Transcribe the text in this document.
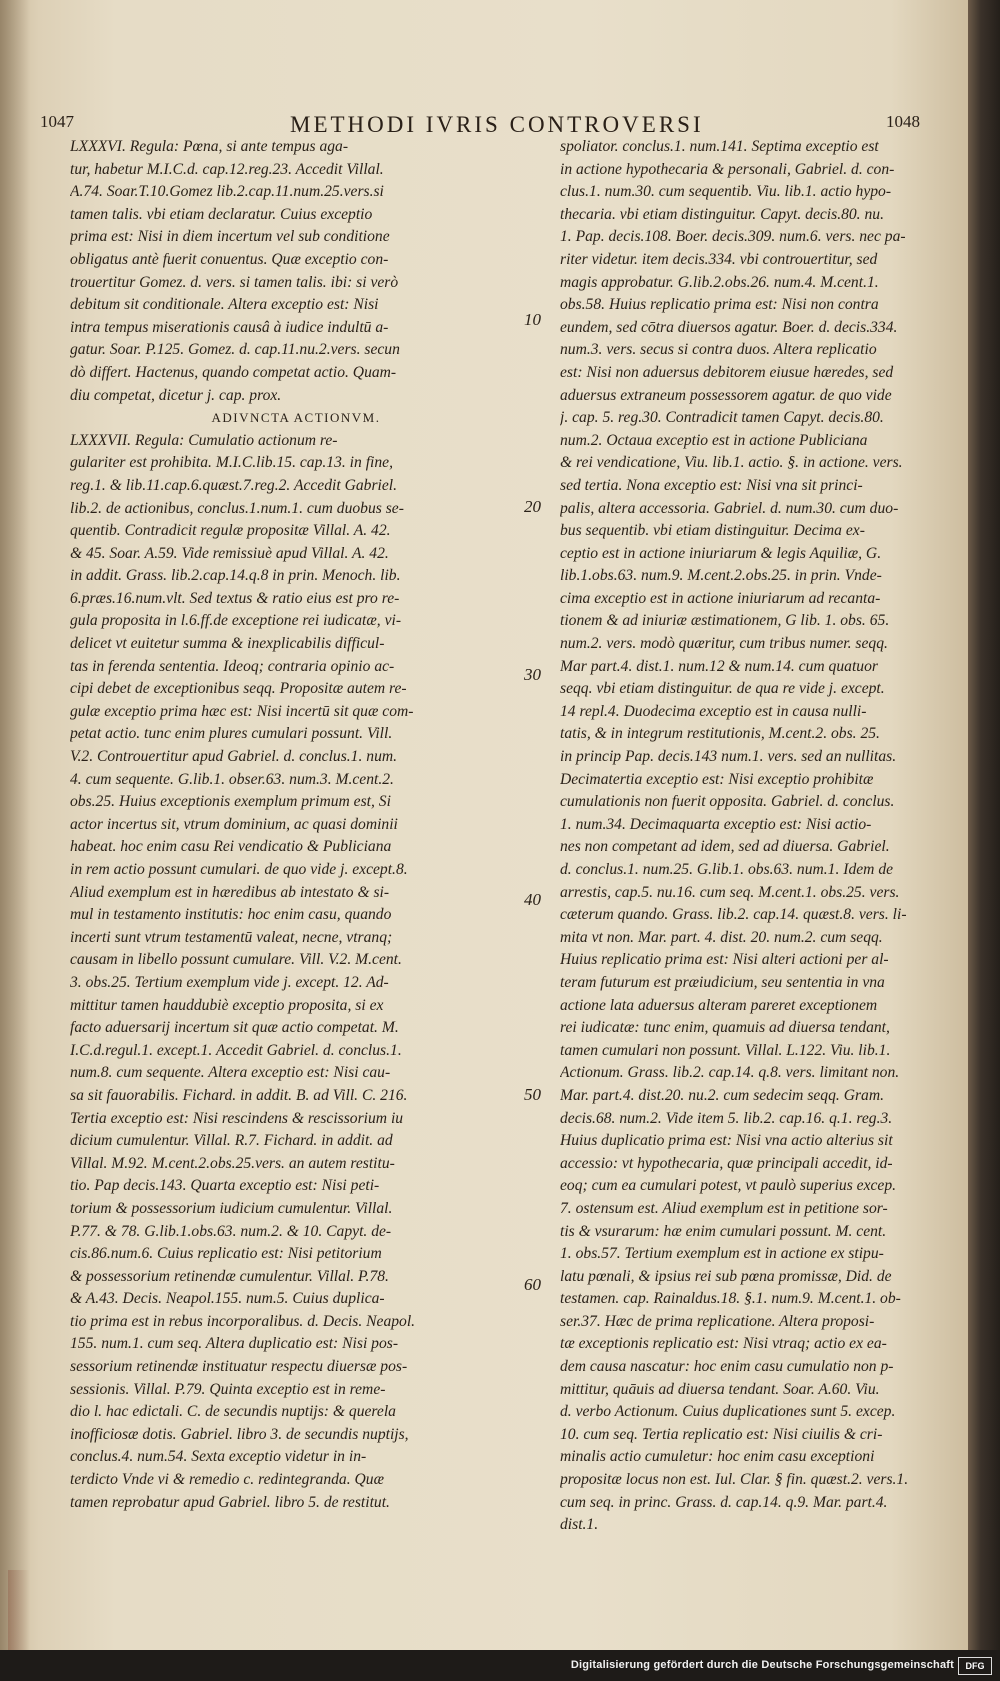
1047	METHODI IVRIS CONTROVERSI	1048
LXXXVI. Regula: Pœna, si ante tempus aga-
tur, habetur M.I.C.d. cap.12.reg.23. Accedit Villal.
A.74. Soar.T.10.Gomez lib.2.cap.11.num.25.vers.si
tamen talis. vbi etiam declaratur. Cuius exceptio
prima est: Nisi in diem incertum vel sub conditione
obligatus antè fuerit conuentus. Quæ exceptio con-
trouertitur Gomez. d. vers. si tamen talis. ibi: si verò
debitum sit conditionale. Altera exceptio est: Nisi
intra tempus miserationis causâ à iudice indultū a-
gatur. Soar. P.125. Gomez. d. cap.11.nu.2.vers. secun
dò differt. Hactenus, quando competat actio. Quam-
diu competat, dicetur j. cap. prox.
ADIVNCTA ACTIONVM.
LXXXVII. Regula: Cumulatio actionum re-
gulariter est prohibita. M.I.C.lib.15. cap.13. in fine,
reg.1. & lib.11.cap.6.quæst.7.reg.2. Accedit Gabriel.
lib.2. de actionibus, conclus.1.num.1. cum duobus se-
quentib. Contradicit regulæ propositæ Villal. A. 42.
& 45. Soar. A.59. Vide remissiuè apud Villal. A. 42.
in addit. Grass. lib.2.cap.14.q.8 in prin. Menoch. lib.
6.præs.16.num.vlt. Sed textus & ratio eius est pro re-
gula proposita in l.6.ff.de exceptione rei iudicatæ, vi-
delicet vt euitetur summa & inexplicabilis difficul-
tas in ferenda sententia. Ideoq; contraria opinio ac-
cipi debet de exceptionibus seqq. Propositæ autem re-
gulæ exceptio prima hæc est: Nisi incertū sit quæ com-
petat actio. tunc enim plures cumulari possunt. Vill.
V.2. Controuertitur apud Gabriel. d. conclus.1. num.
4. cum sequente. G.lib.1. obser.63. num.3. M.cent.2.
obs.25. Huius exceptionis exemplum primum est, Si
actor incertus sit, vtrum dominium, ac quasi dominii
habeat. hoc enim casu Rei vendicatio & Publiciana
in rem actio possunt cumulari. de quo vide j. except.8.
Aliud exemplum est in hæredibus ab intestato & si-
mul in testamento institutis: hoc enim casu, quando
incerti sunt vtrum testamentū valeat, necne, vtranq;
causam in libello possunt cumulare. Vill. V.2. M.cent.
3. obs.25. Tertium exemplum vide j. except. 12. Ad-
mittitur tamen hauddubiè exceptio proposita, si ex
facto aduersarij incertum sit quæ actio competat. M.
I.C.d.regul.1. except.1. Accedit Gabriel. d. conclus.1.
num.8. cum sequente. Altera exceptio est: Nisi cau-
sa sit fauorabilis. Fichard. in addit. B. ad Vill. C. 216.
Tertia exceptio est: Nisi rescindens & rescissorium iu
dicium cumulentur. Villal. R.7. Fichard. in addit. ad
Villal. M.92. M.cent.2.obs.25.vers. an autem restitu-
tio. Pap decis.143. Quarta exceptio est: Nisi peti-
torium & possessorium iudicium cumulentur. Villal.
P.77. & 78. G.lib.1.obs.63. num.2. & 10. Capyt. de-
cis.86.num.6. Cuius replicatio est: Nisi petitorium
& possessorium retinendæ cumulentur. Villal. P.78.
& A.43. Decis. Neapol.155. num.5. Cuius duplica-
tio prima est in rebus incorporalibus. d. Decis. Neapol.
155. num.1. cum seq. Altera duplicatio est: Nisi pos-
sessorium retinendæ instituatur respectu diuersæ pos-
sessionis. Villal. P.79. Quinta exceptio est in reme-
dio l. hac edictali. C. de secundis nuptijs: & querela
inofficiosæ dotis. Gabriel. libro 3. de secundis nuptijs,
conclus.4. num.54. Sexta exceptio videtur in in-
terdicto Vnde vi & remedio c. redintegranda. Quæ
tamen reprobatur apud Gabriel. libro 5. de restitut.
spoliator. conclus.1. num.141. Septima exceptio est
in actione hypothecaria & personali, Gabriel. d. con-
clus.1. num.30. cum sequentib. Viu. lib.1. actio hypo-
thecaria. vbi etiam distinguitur. Capyt. decis.80. nu.
1. Pap. decis.108. Boer. decis.309. num.6. vers. nec pa-
riter videtur. item decis.334. vbi controuertitur, sed
magis approbatur. G.lib.2.obs.26. num.4. M.cent.1.
obs.58. Huius replicatio prima est: Nisi non contra
eundem, sed cōtra diuersos agatur. Boer. d. decis.334.
num.3. vers. secus si contra duos. Altera replicatio
est: Nisi non aduersus debitorem eiusue hæredes, sed
aduersus extraneum possessorem agatur. de quo vide
j. cap. 5. reg.30. Contradicit tamen Capyt. decis.80.
num.2. Octaua exceptio est in actione Publiciana
& rei vendicatione, Viu. lib.1. actio. §. in actione. vers.
sed tertia. Nona exceptio est: Nisi vna sit princi-
palis, altera accessoria. Gabriel. d. num.30. cum duo-
bus sequentib. vbi etiam distinguitur. Decima ex-
ceptio est in actione iniuriarum & legis Aquiliæ, G.
lib.1.obs.63. num.9. M.cent.2.obs.25. in prin. Vnde-
cima exceptio est in actione iniuriarum ad recanta-
tionem & ad iniuriæ æstimationem, G lib. 1. obs. 65.
num.2. vers. modò quæritur, cum tribus numer. seqq.
Mar part.4. dist.1. num.12 & num.14. cum quatuor
seqq. vbi etiam distinguitur. de qua re vide j. except.
14 repl.4. Duodecima exceptio est in causa nulli-
tatis, & in integrum restitutionis, M.cent.2. obs. 25.
in princip Pap. decis.143 num.1. vers. sed an nullitas.
Decimatertia exceptio est: Nisi exceptio prohibitæ
cumulationis non fuerit opposita. Gabriel. d. conclus.
1. num.34. Decimaquarta exceptio est: Nisi actio-
nes non competant ad idem, sed ad diuersa. Gabriel.
d. conclus.1. num.25. G.lib.1. obs.63. num.1. Idem de
arrestis, cap.5. nu.16. cum seq. M.cent.1. obs.25. vers.
cæterum quando. Grass. lib.2. cap.14. quæst.8. vers. li-
mita vt non. Mar. part. 4. dist. 20. num.2. cum seqq.
Huius replicatio prima est: Nisi alteri actioni per al-
teram futurum est præiudicium, seu sententia in vna
actione lata aduersus alteram pareret exceptionem
rei iudicatæ: tunc enim, quamuis ad diuersa tendant,
tamen cumulari non possunt. Villal. L.122. Viu. lib.1.
Actionum. Grass. lib.2. cap.14. q.8. vers. limitant non.
Mar. part.4. dist.20. nu.2. cum sedecim seqq. Gram.
decis.68. num.2. Vide item 5. lib.2. cap.16. q.1. reg.3.
Huius duplicatio prima est: Nisi vna actio alterius sit
accessio: vt hypothecaria, quæ principali accedit, id-
eoq; cum ea cumulari potest, vt paulò superius excep.
7. ostensum est. Aliud exemplum est in petitione sor-
tis & vsurarum: hæ enim cumulari possunt. M. cent.
1. obs.57. Tertium exemplum est in actione ex stipu-
latu pœnali, & ipsius rei sub pœna promissæ, Did. de
testamen. cap. Rainaldus.18. §.1. num.9. M.cent.1. ob-
ser.37. Hæc de prima replicatione. Altera proposi-
tæ exceptionis replicatio est: Nisi vtraq; actio ex ea-
dem causa nascatur: hoc enim casu cumulatio non p-
mittitur, quāuis ad diuersa tendant. Soar. A.60. Viu.
d. verbo Actionum. Cuius duplicationes sunt 5. excep.
10. cum seq. Tertia replicatio est: Nisi ciuilis & cri-
minalis actio cumuletur: hoc enim casu exceptioni
propositæ locus non est. Iul. Clar. § fin. quæst.2. vers.1.
cum seq. in princ. Grass. d. cap.14. q.9. Mar. part.4.
dist.1.
10
20
30
40
50
60
Digitalisierung gefördert durch die Deutsche Forschungsgemeinschaft	DFG
